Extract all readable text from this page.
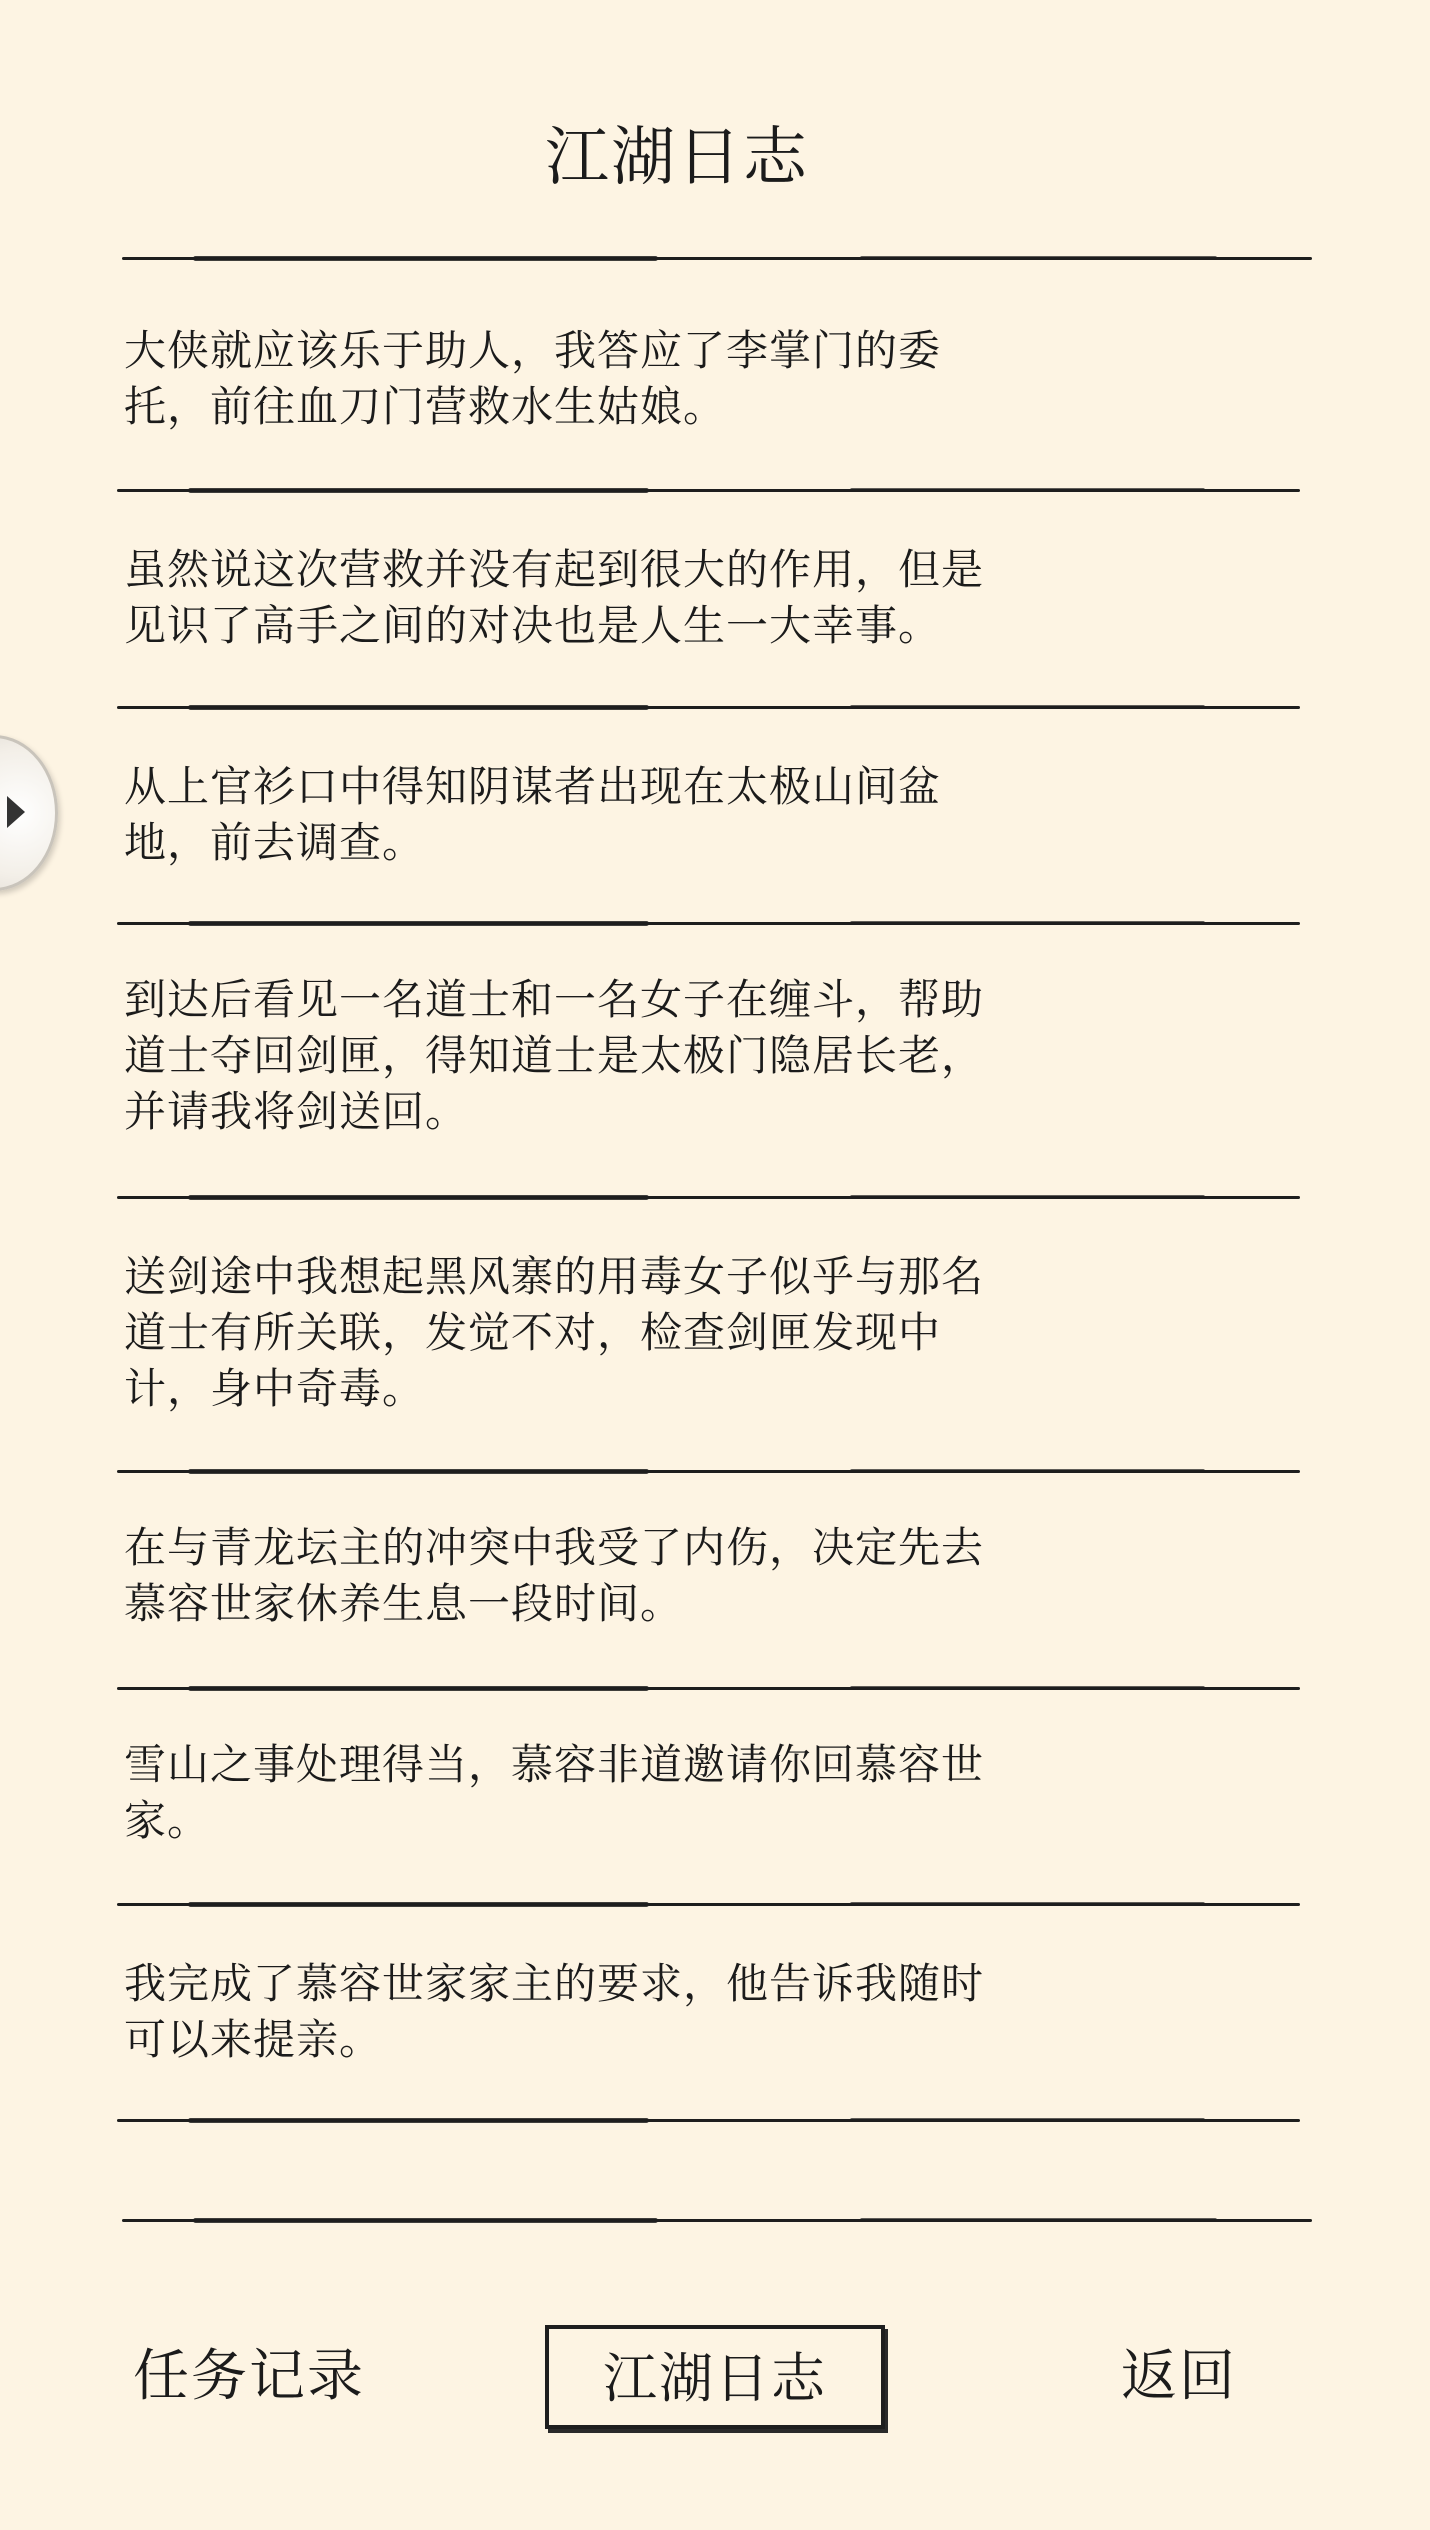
江湖日志

大侠就应该乐于助人，我答应了李掌门的委
托，前往血刀门营救水生姑娘。

虽然说这次营救并没有起到很大的作用，但是
见识了高手之间的对决也是人生一大幸事。

从上官衫口中得知阴谋者出现在太极山间盆
地，前去调查。

到达后看见一名道士和一名女子在缠斗，帮助
道士夺回剑匣，得知道士是太极门隐居长老，
并请我将剑送回。

送剑途中我想起黑风寨的用毒女子似乎与那名
道士有所关联，发觉不对，检查剑匣发现中
计，身中奇毒。

在与青龙坛主的冲突中我受了内伤，决定先去
慕容世家休养生息一段时间。

雪山之事处理得当，慕容非道邀请你回慕容世
家。

我完成了慕容世家家主的要求，他告诉我随时
可以来提亲。

任务记录	江湖日志	返回
